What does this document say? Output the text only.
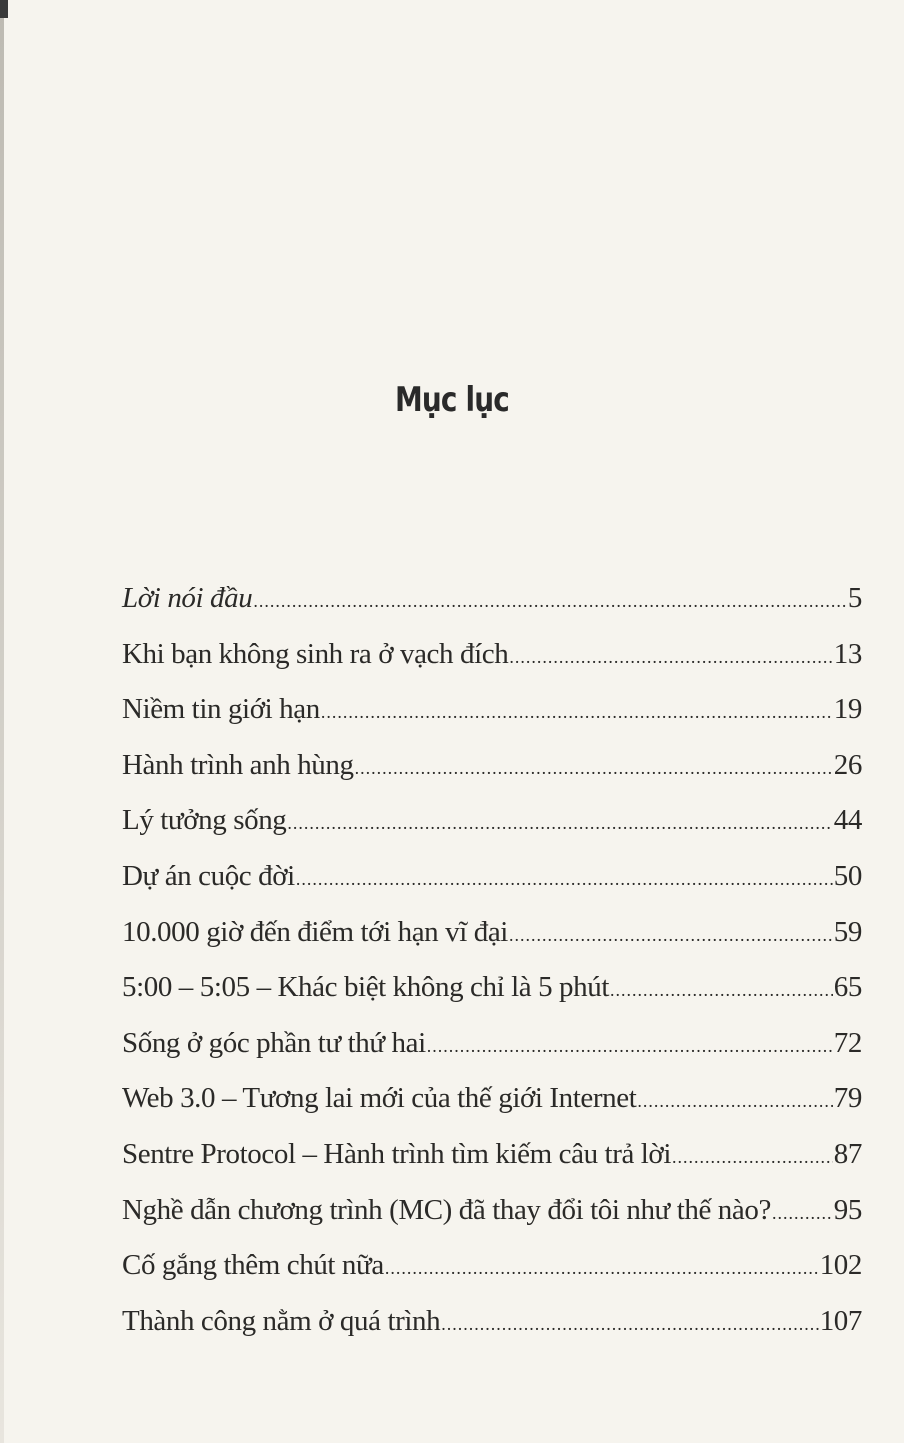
Mục lục
Lời nói đầu .....	5
Khi bạn không sinh ra ở vạch đích .....	13
Niềm tin giới hạn .....	19
Hành trình anh hùng .....	26
Lý tưởng sống .....	44
Dự án cuộc đời .....	50
10.000 giờ đến điểm tới hạn vĩ đại .....	59
5:00 – 5:05 – Khác biệt không chỉ là 5 phút .....	65
Sống ở góc phần tư thứ hai .....	72
Web 3.0 – Tương lai mới của thế giới Internet .....	79
Sentre Protocol – Hành trình tìm kiếm câu trả lời .....	87
Nghề dẫn chương trình (MC) đã thay đổi tôi như thế nào? ..... 95
Cố gắng thêm chút nữa .....	102
Thành công nằm ở quá trình .....	107
